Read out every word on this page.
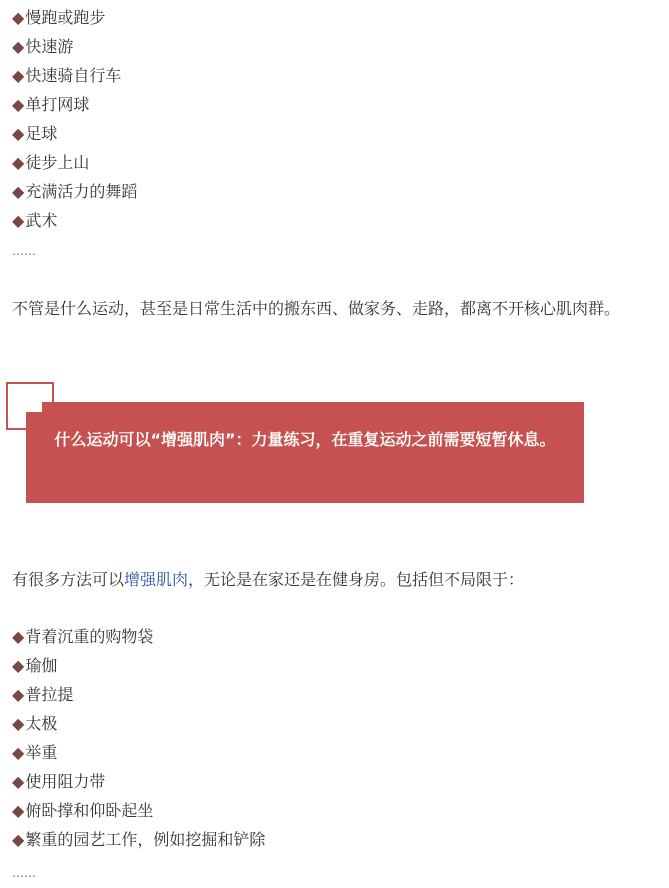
◆慢跑或跑步
◆快速游
◆快速骑自行车
◆单打网球
◆足球
◆徒步上山
◆充满活力的舞蹈
◆武术
……

不管是什么运动，甚至是日常生活中的搬东西、做家务、走路，都离不开核心肌肉群。

什么运动可以“增强肌肉”：力量练习，在重复运动之前需要短暂休息。

有很多方法可以增强肌肉，无论是在家还是在健身房。包括但不局限于：

◆背着沉重的购物袋
◆瑜伽
◆普拉提
◆太极
◆举重
◆使用阻力带
◆俯卧撑和仰卧起坐
◆繁重的园艺工作，例如挖掘和铲除
……
